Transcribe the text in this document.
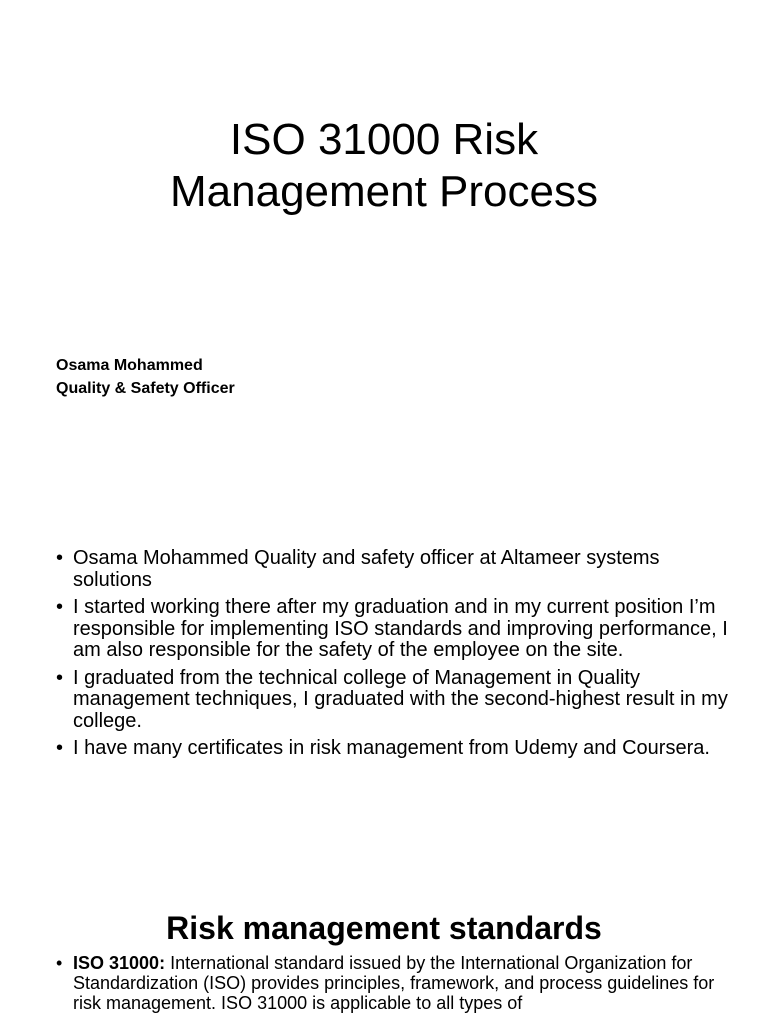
ISO 31000 Risk
Management Process
Osama Mohammed
Quality & Safety Officer
• Osama Mohammed Quality and safety officer at Altameer systems solutions
• I started working there after my graduation and in my current position I’m responsible for implementing ISO standards and improving performance, I am also responsible for the safety of the employee on the site.
• I graduated from the technical college of Management in Quality management techniques, I graduated with the second-highest result in my college.
• I have many certificates in risk management from Udemy and Coursera.
Risk management standards
• ISO 31000: International standard issued by the International Organization for Standardization (ISO) provides principles, framework, and process guidelines for risk management. ISO 31000 is applicable to all types of
